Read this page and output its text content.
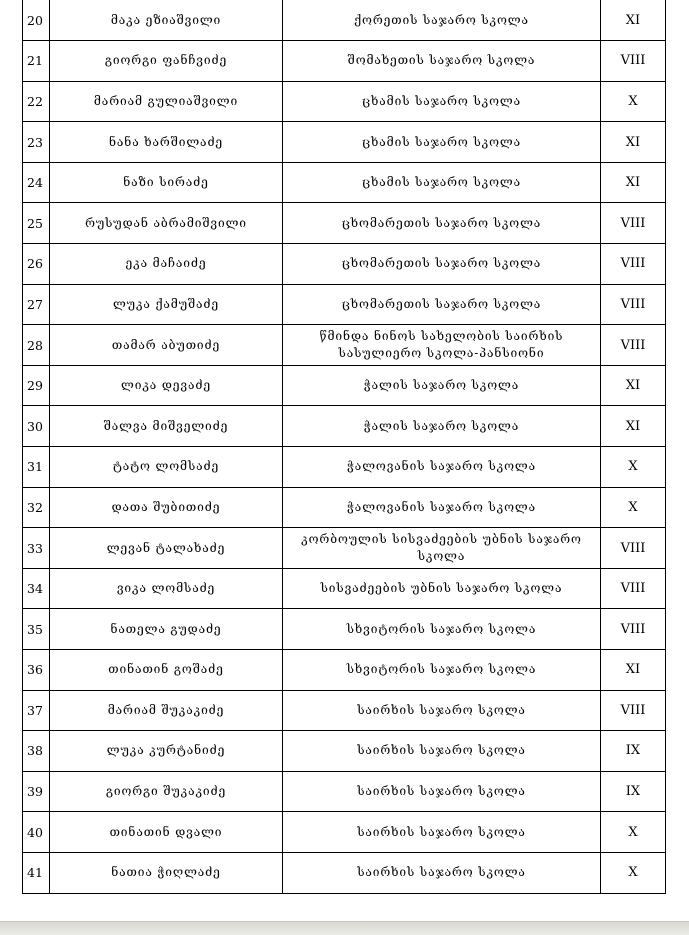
20	მაკა ეზიაშვილი	ქორეთის საჯარო სკოლა	XI
21	გიორგი ფანჩვიძე	შომახეთის საჯარო სკოლა	VIII
22	მარიამ გულიაშვილი	ცხამის საჯარო სკოლა	X
23	ნანა ხარშილაძე	ცხამის საჯარო სკოლა	XI
24	ნაზი სირაძე	ცხამის საჯარო სკოლა	XI
25	რუსუდან აბრამიშვილი	ცხომარეთის საჯარო სკოლა	VIII
26	ეკა მაჩაიძე	ცხომარეთის საჯარო სკოლა	VIII
27	ლუკა ქამუშაძე	ცხომარეთის საჯარო სკოლა	VIII
28	თამარ აბუთიძე	წმინდა ნინოს სახელობის საირხის სასულიერო სკოლა-პანსიონი	VIII
29	ლიკა დევაძე	ჭალის საჯარო სკოლა	XI
30	შალვა მიშველიძე	ჭალის საჯარო სკოლა	XI
31	ტატო ლომსაძე	ჭალოვანის საჯარო სკოლა	X
32	დათა შუბითიძე	ჭალოვანის საჯარო სკოლა	X
33	ლევან ტალახაძე	კორბოულის სისვაძეების უბნის საჯარო სკოლა	VIII
34	ვიკა ლომსაძე	სისვაძეების უბნის საჯარო სკოლა	VIII
35	ნათელა გუდაძე	სხვიტორის საჯარო სკოლა	VIII
36	თინათინ გოშაძე	სხვიტორის საჯარო სკოლა	XI
37	მარიამ შუკაკიძე	საირხის საჯარო სკოლა	VIII
38	ლუკა კურტანიძე	საირხის საჯარო სკოლა	IX
39	გიორგი შუკაკიძე	საირხის საჯარო სკოლა	IX
40	თინათინ დვალი	საირხის საჯარო სკოლა	X
41	ნათია ჭიღლაძე	საირხის საჯარო სკოლა	X
